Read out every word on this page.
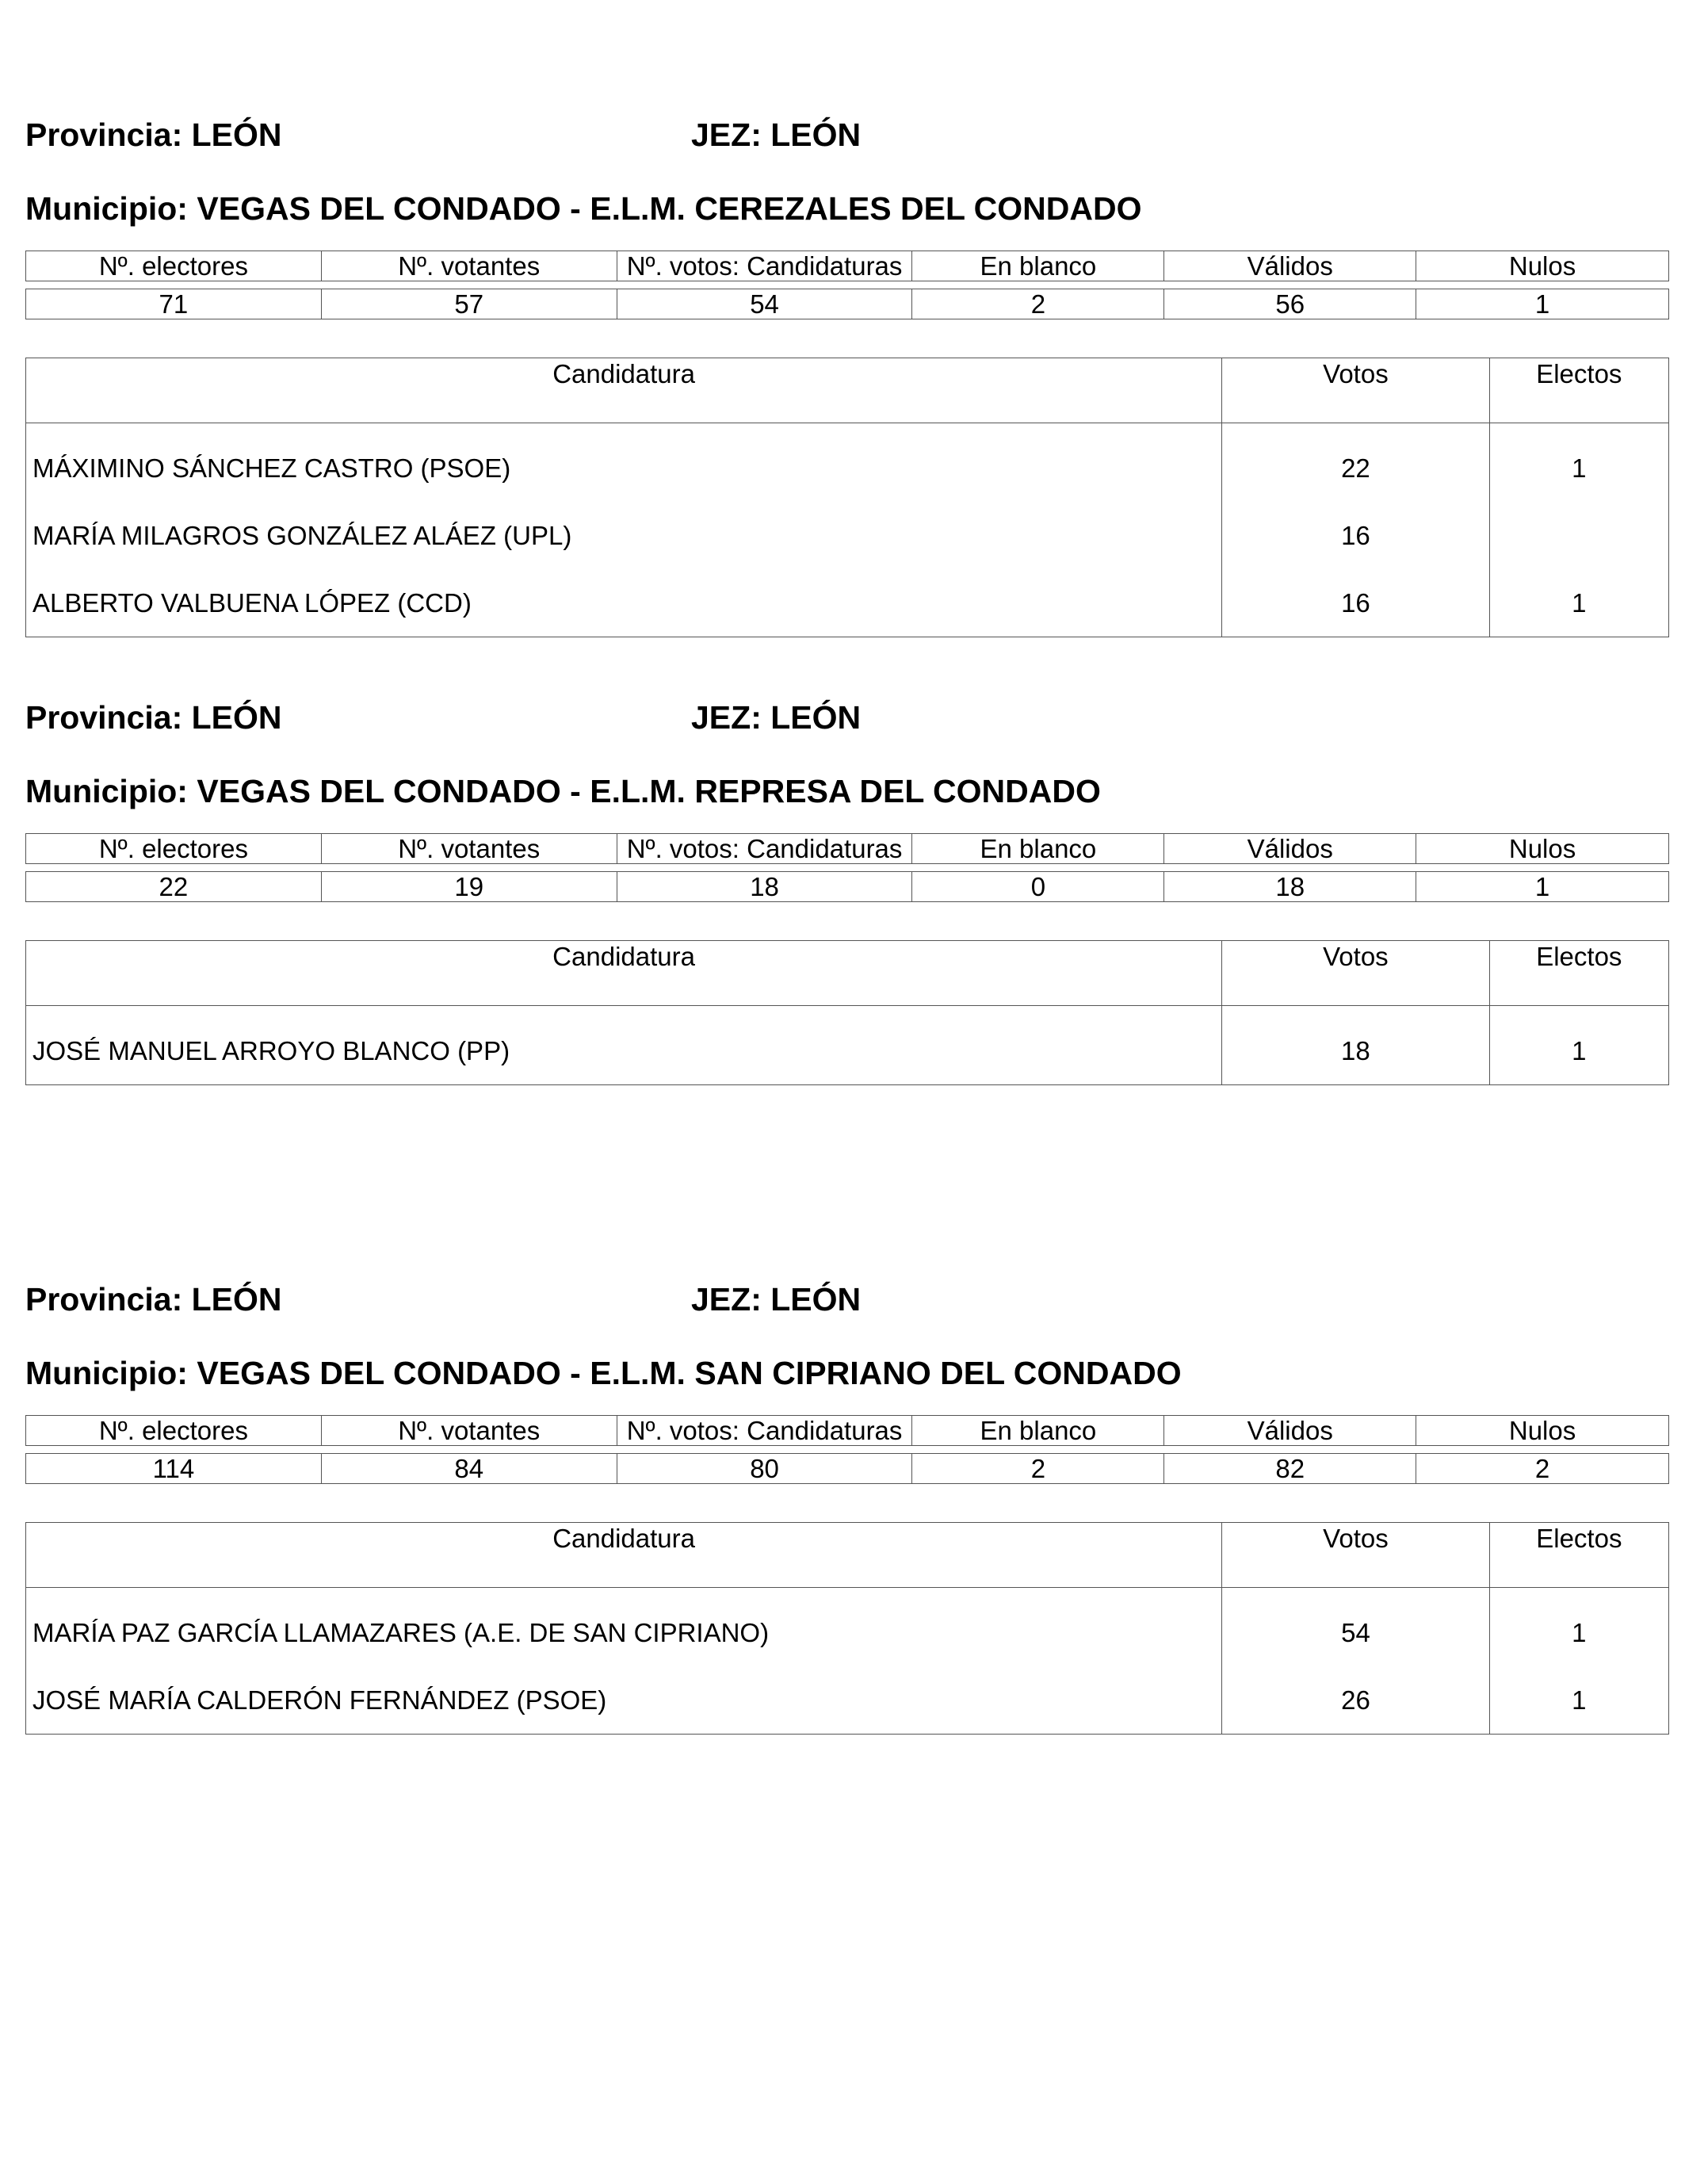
Provincia: LEÓN	JEZ: LEÓN
Municipio: VEGAS DEL CONDADO - E.L.M. CEREZALES DEL CONDADO
Nº. electores	Nº. votantes	Nº. votos: Candidaturas	En blanco	Válidos	Nulos

71	57	54	2	56	1
Candidatura	Votos	Electos
MÁXIMINO SÁNCHEZ CASTRO (PSOE)	22	1
MARÍA MILAGROS GONZÁLEZ ALÁEZ (UPL)	16	
ALBERTO VALBUENA LÓPEZ (CCD)	16	1
Provincia: LEÓN	JEZ: LEÓN
Municipio: VEGAS DEL CONDADO - E.L.M. REPRESA DEL CONDADO
Nº. electores	Nº. votantes	Nº. votos: Candidaturas	En blanco	Válidos	Nulos

22	19	18	0	18	1
Candidatura	Votos	Electos
JOSÉ MANUEL ARROYO BLANCO (PP)	18	1
Provincia: LEÓN	JEZ: LEÓN
Municipio: VEGAS DEL CONDADO - E.L.M. SAN CIPRIANO DEL CONDADO
Nº. electores	Nº. votantes	Nº. votos: Candidaturas	En blanco	Válidos	Nulos

114	84	80	2	82	2
Candidatura	Votos	Electos
MARÍA PAZ GARCÍA LLAMAZARES (A.E. DE SAN CIPRIANO)	54	1
JOSÉ MARÍA CALDERÓN FERNÁNDEZ (PSOE)	26	1
